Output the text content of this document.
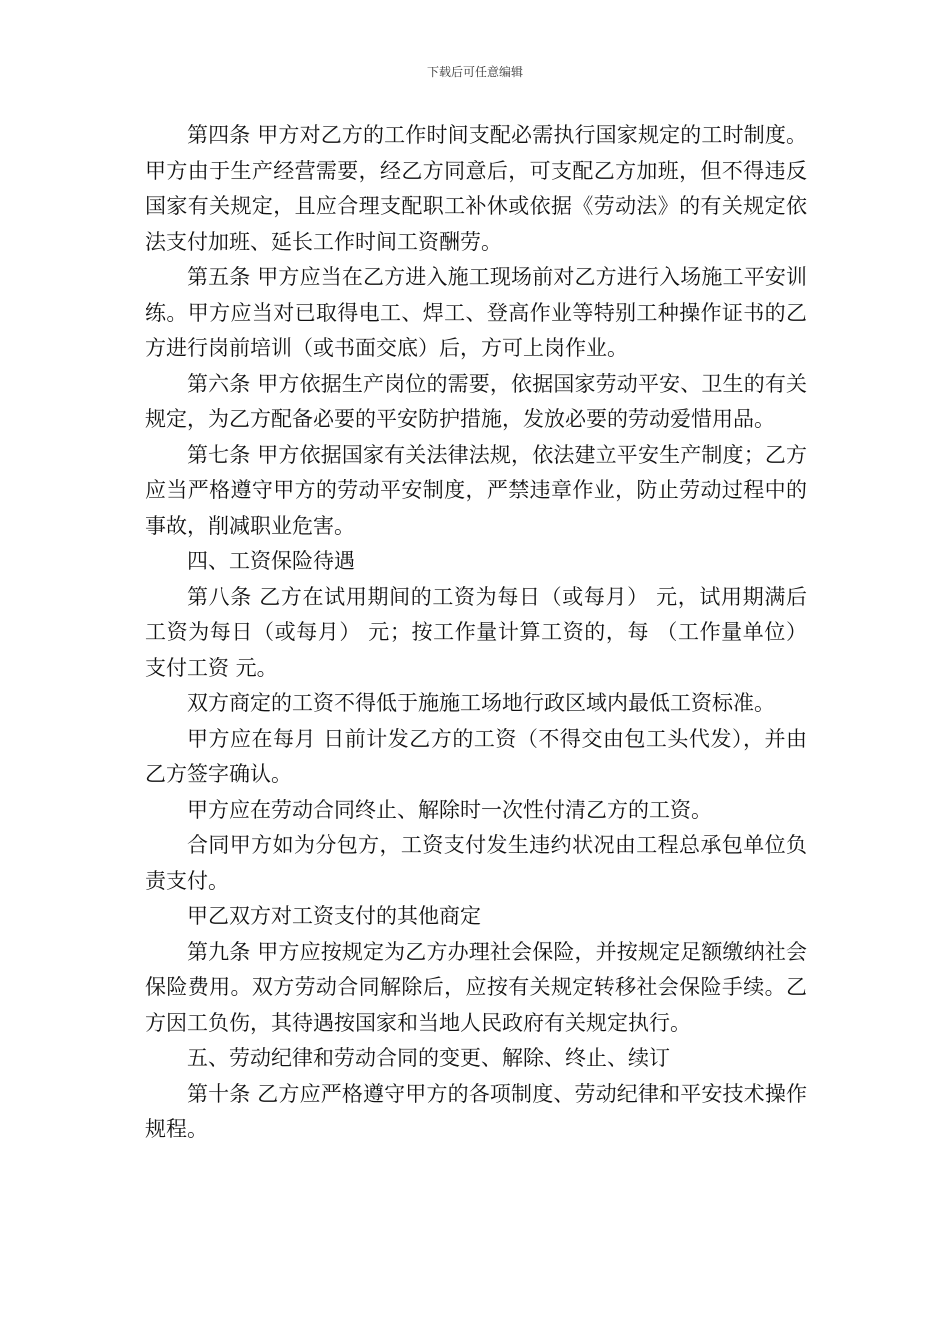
下载后可任意编辑

第四条 甲方对乙方的工作时间支配必需执行国家规定的工时制度。甲方由于生产经营需要，经乙方同意后，可支配乙方加班，但不得违反国家有关规定，且应合理支配职工补休或依据《劳动法》的有关规定依法支付加班、延长工作时间工资酬劳。

第五条 甲方应当在乙方进入施工现场前对乙方进行入场施工平安训练。甲方应当对已取得电工、焊工、登高作业等特别工种操作证书的乙方进行岗前培训（或书面交底）后，方可上岗作业。

第六条 甲方依据生产岗位的需要，依据国家劳动平安、卫生的有关规定，为乙方配备必要的平安防护措施，发放必要的劳动爱惜用品。

第七条 甲方依据国家有关法律法规，依法建立平安生产制度；乙方应当严格遵守甲方的劳动平安制度，严禁违章作业，防止劳动过程中的事故，削减职业危害。

四、工资保险待遇

第八条 乙方在试用期间的工资为每日（或每月） 元，试用期满后工资为每日（或每月） 元；按工作量计算工资的，每 （工作量单位）支付工资 元。

双方商定的工资不得低于施施工场地行政区域内最低工资标准。

甲方应在每月 日前计发乙方的工资（不得交由包工头代发），并由乙方签字确认。

甲方应在劳动合同终止、解除时一次性付清乙方的工资。

合同甲方如为分包方，工资支付发生违约状况由工程总承包单位负责支付。

甲乙双方对工资支付的其他商定

第九条 甲方应按规定为乙方办理社会保险，并按规定足额缴纳社会保险费用。双方劳动合同解除后，应按有关规定转移社会保险手续。乙方因工负伤，其待遇按国家和当地人民政府有关规定执行。

五、劳动纪律和劳动合同的变更、解除、终止、续订

第十条 乙方应严格遵守甲方的各项制度、劳动纪律和平安技术操作规程。
